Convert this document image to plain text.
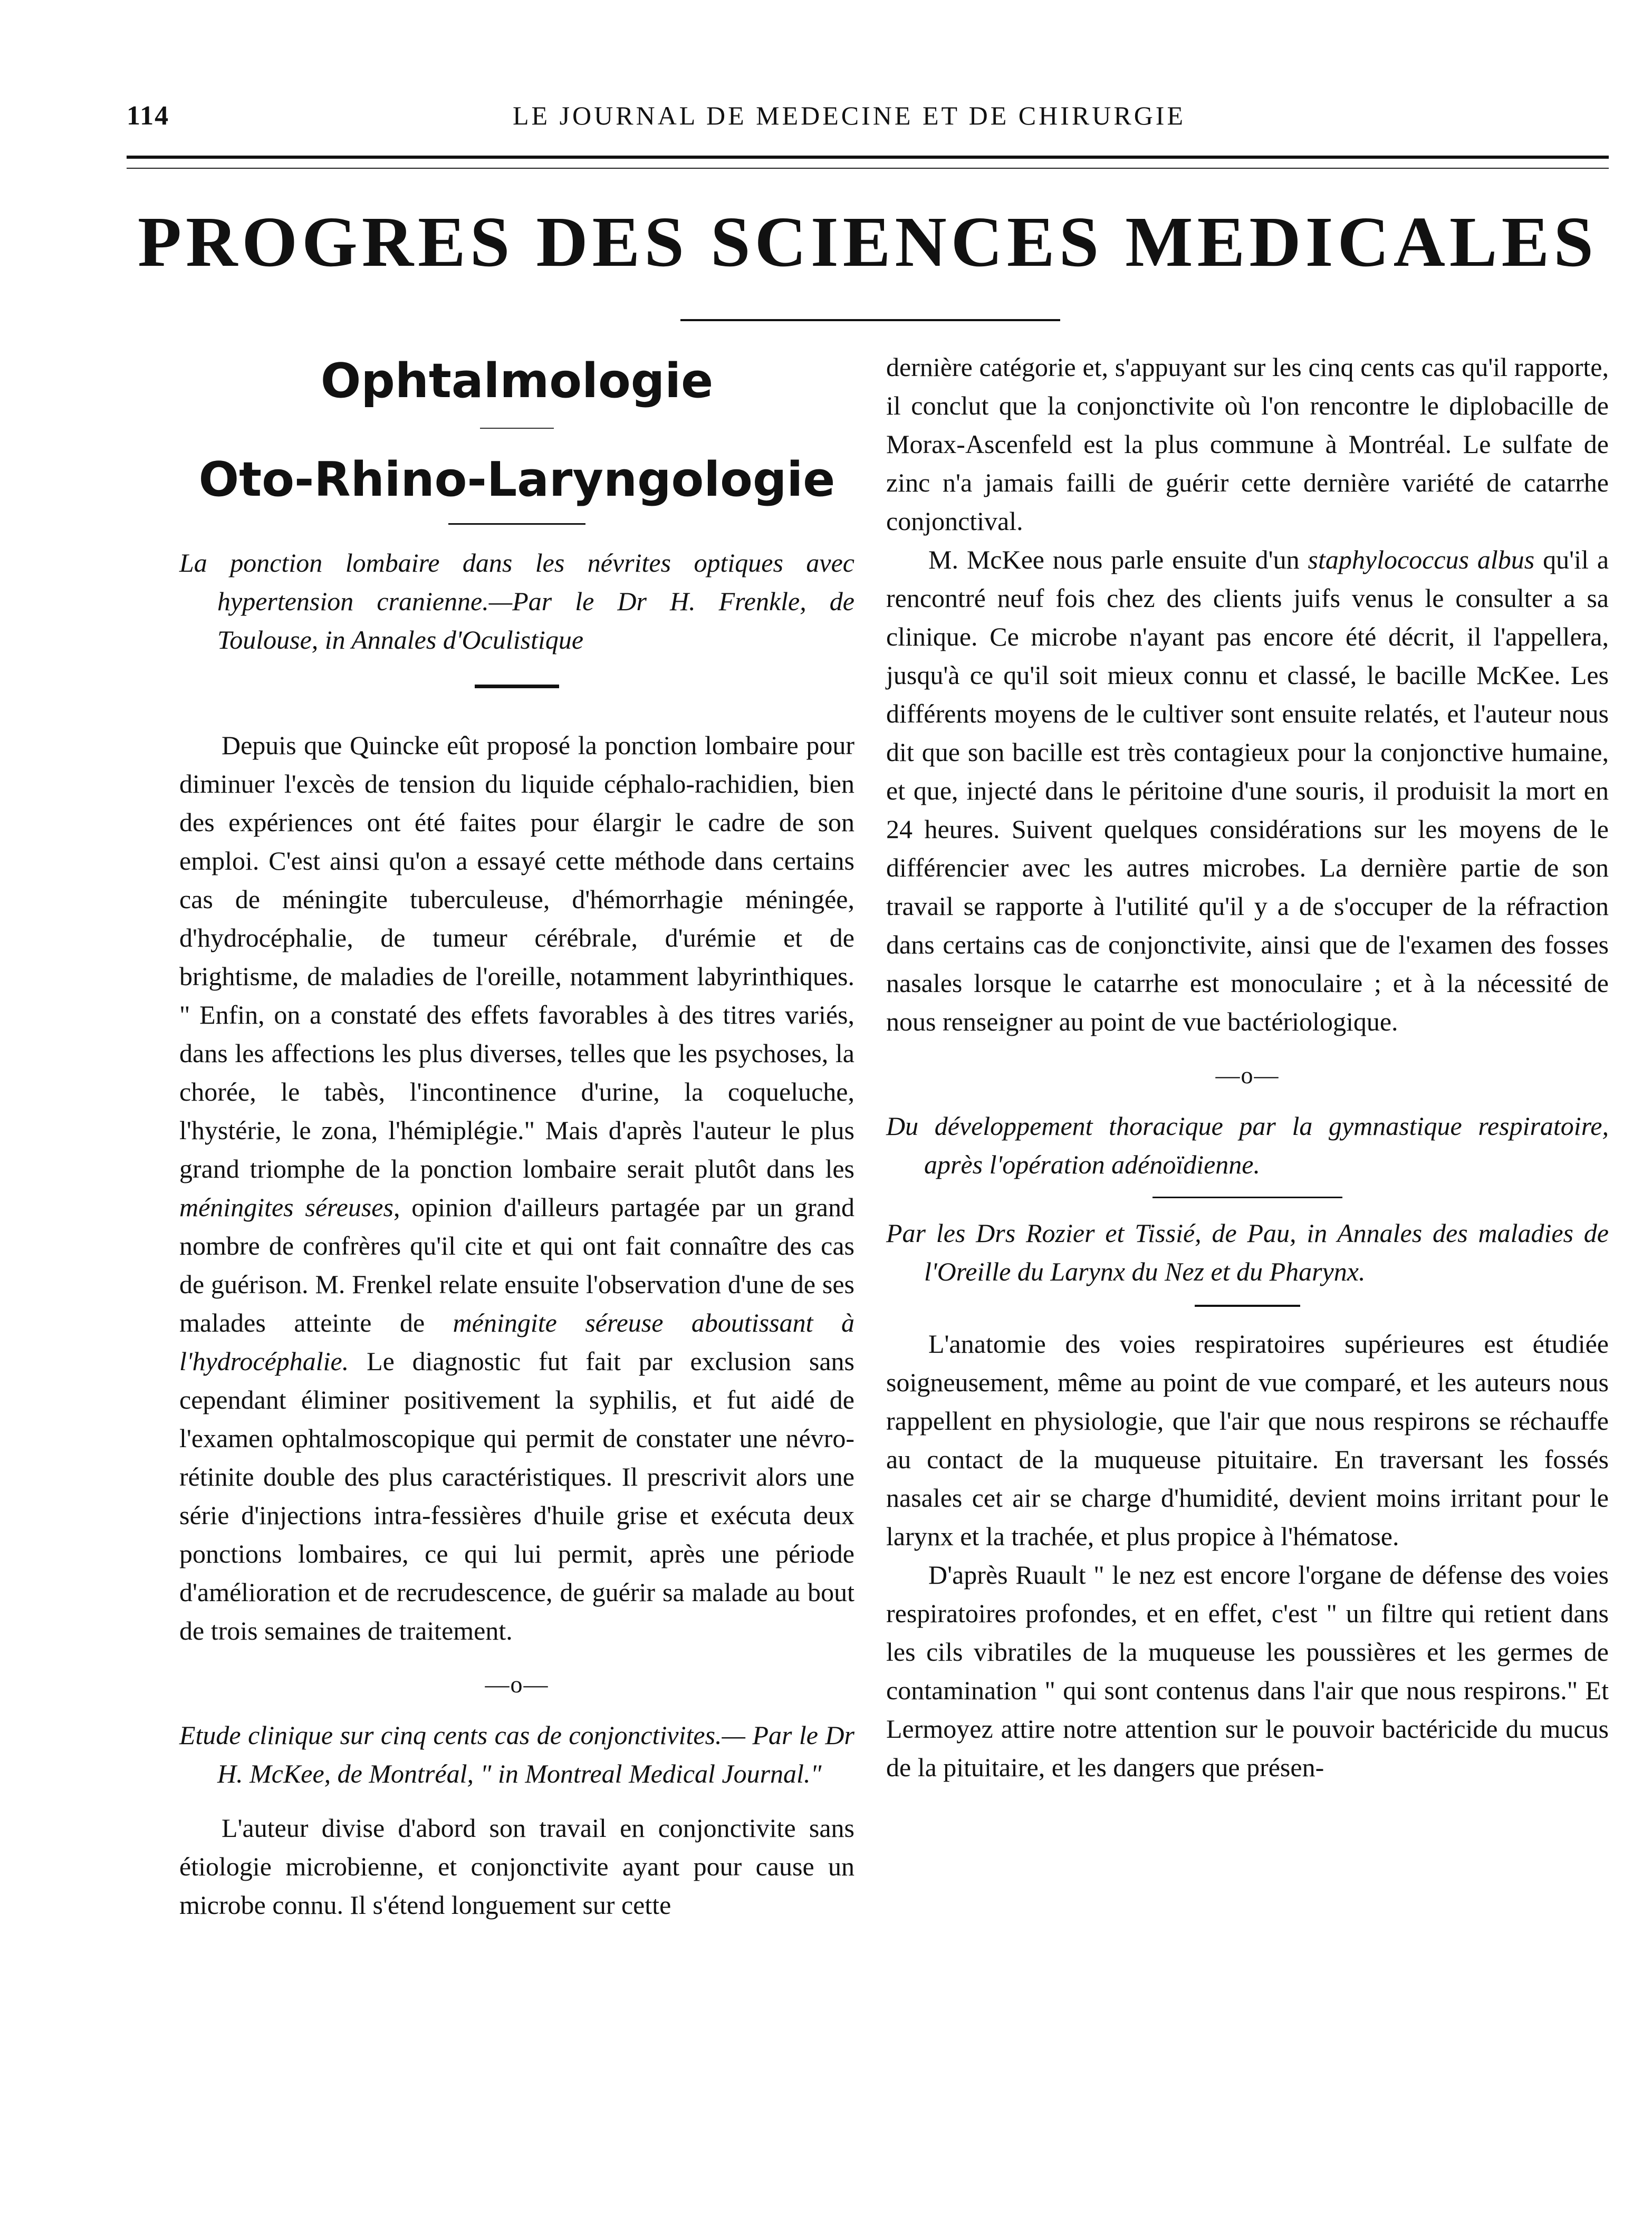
114	LE JOURNAL DE MEDECINE ET DE CHIRURGIE
PROGRES DES SCIENCES MEDICALES
Ophtalmologie
Oto-Rhino-Laryngologie

La ponction lombaire dans les névrites optiques avec hypertension cranienne.—Par le Dr H. Frenkle, de Toulouse, in Annales d'Oculistique

Depuis que Quincke eût proposé la ponction lombaire pour diminuer l'excès de tension du liquide céphalo-rachidien, bien des expériences ont été faites pour élargir le cadre de son emploi. C'est ainsi qu'on a essayé cette méthode dans certains cas de méningite tuberculeuse, d'hémorrhagie méningée, d'hydrocéphalie, de tumeur cérébrale, d'urémie et de brightisme, de maladies de l'oreille, notamment labyrinthiques. " Enfin, on a constaté des effets favorables à des titres variés, dans les affections les plus diverses, telles que les psychoses, la chorée, le tabès, l'incontinence d'urine, la coqueluche, l'hystérie, le zona, l'hémiplégie." Mais d'après l'auteur le plus grand triomphe de la ponction lombaire serait plutôt dans les méningites séreuses, opinion d'ailleurs partagée par un grand nombre de confrères qu'il cite et qui ont fait connaître des cas de guérison. M. Frenkel relate ensuite l'observation d'une de ses malades atteinte de méningite séreuse aboutissant à l'hydrocéphalie. Le diagnostic fut fait par exclusion sans cependant éliminer positivement la syphilis, et fut aidé de l'examen ophtalmoscopique qui permit de constater une névro-rétinite double des plus caractéristiques. Il prescrivit alors une série d'injections intra-fessières d'huile grise et exécuta deux ponctions lombaires, ce qui lui permit, après une période d'amélioration et de recrudescence, de guérir sa malade au bout de trois semaines de traitement.

—o—

Etude clinique sur cinq cents cas de conjonctivites.— Par le Dr H. McKee, de Montréal, " in Montreal Medical Journal."

L'auteur divise d'abord son travail en conjonctivite sans étiologie microbienne, et conjonctivite ayant pour cause un microbe connu. Il s'étend longuement sur cette

dernière catégorie et, s'appuyant sur les cinq cents cas qu'il rapporte, il conclut que la conjonctivite où l'on rencontre le diplobacille de Morax-Ascenfeld est la plus commune à Montréal. Le sulfate de zinc n'a jamais failli de guérir cette dernière variété de catarrhe conjonctival.

M. McKee nous parle ensuite d'un staphylococcus albus qu'il a rencontré neuf fois chez des clients juifs venus le consulter a sa clinique. Ce microbe n'ayant pas encore été décrit, il l'appellera, jusqu'à ce qu'il soit mieux connu et classé, le bacille McKee. Les différents moyens de le cultiver sont ensuite relatés, et l'auteur nous dit que son bacille est très contagieux pour la conjonctive humaine, et que, injecté dans le péritoine d'une souris, il produisit la mort en 24 heures. Suivent quelques considérations sur les moyens de le différencier avec les autres microbes. La dernière partie de son travail se rapporte à l'utilité qu'il y a de s'occuper de la réfraction dans certains cas de conjonctivite, ainsi que de l'examen des fosses nasales lorsque le catarrhe est monoculaire ; et à la nécessité de nous renseigner au point de vue bactériologique.

—o—

Du développement thoracique par la gymnastique respiratoire, après l'opération adénoïdienne.

Par les Drs Rozier et Tissié, de Pau, in Annales des maladies de l'Oreille du Larynx du Nez et du Pharynx.

L'anatomie des voies respiratoires supérieures est étudiée soigneusement, même au point de vue comparé, et les auteurs nous rappellent en physiologie, que l'air que nous respirons se réchauffe au contact de la muqueuse pituitaire. En traversant les fossés nasales cet air se charge d'humidité, devient moins irritant pour le larynx et la trachée, et plus propice à l'hématose.

D'après Ruault " le nez est encore l'organe de défense des voies respiratoires profondes, et en effet, c'est " un filtre qui retient dans les cils vibratiles de la muqueuse les poussières et les germes de contamination " qui sont contenus dans l'air que nous respirons." Et Lermoyez attire notre attention sur le pouvoir bactéricide du mucus de la pituitaire, et les dangers que présen-
